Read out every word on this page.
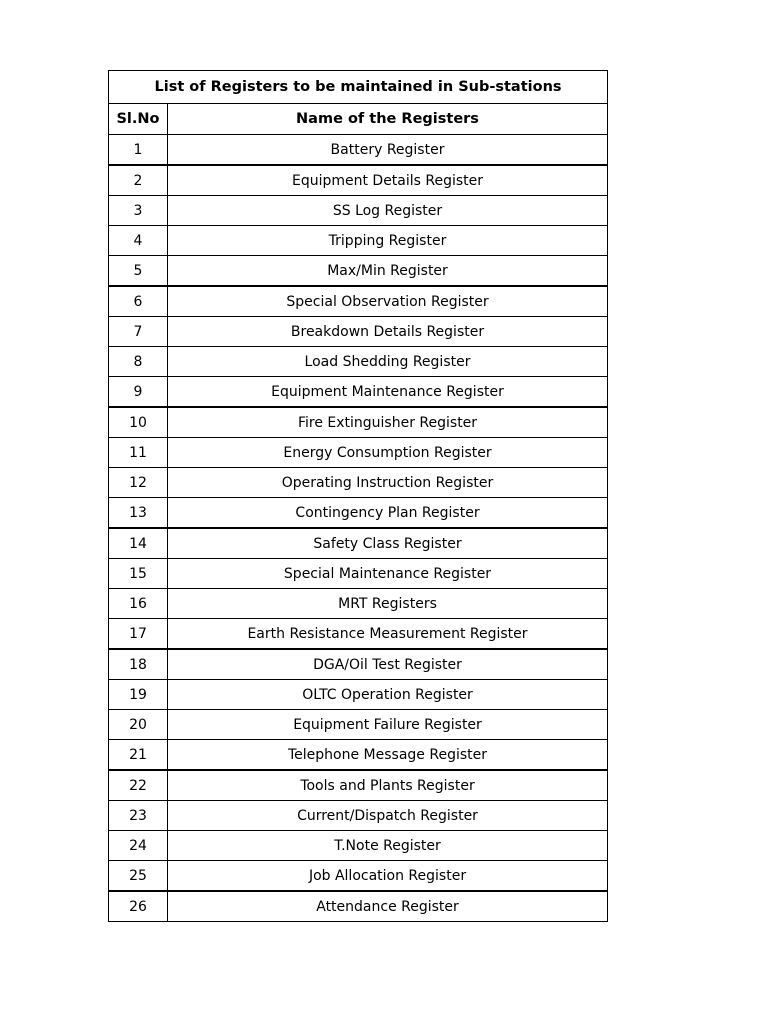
List of Registers to be maintained in Sub-stations	
Sl.No	Name of the Registers
1	Battery Register
2	Equipment Details Register
3	SS Log Register
4	Tripping Register
5	Max/Min Register
6	Special Observation Register
7	Breakdown Details Register
8	Load Shedding Register
9	Equipment Maintenance Register
10	Fire Extinguisher Register
11	Energy Consumption Register
12	Operating Instruction Register
13	Contingency Plan Register
14	Safety Class Register
15	Special Maintenance Register
16	MRT Registers
17	Earth Resistance Measurement Register
18	DGA/Oil Test Register
19	OLTC Operation Register
20	Equipment Failure Register
21	Telephone Message Register
22	Tools and Plants Register
23	Current/Dispatch Register
24	T.Note Register
25	Job Allocation Register
26	Attendance Register
